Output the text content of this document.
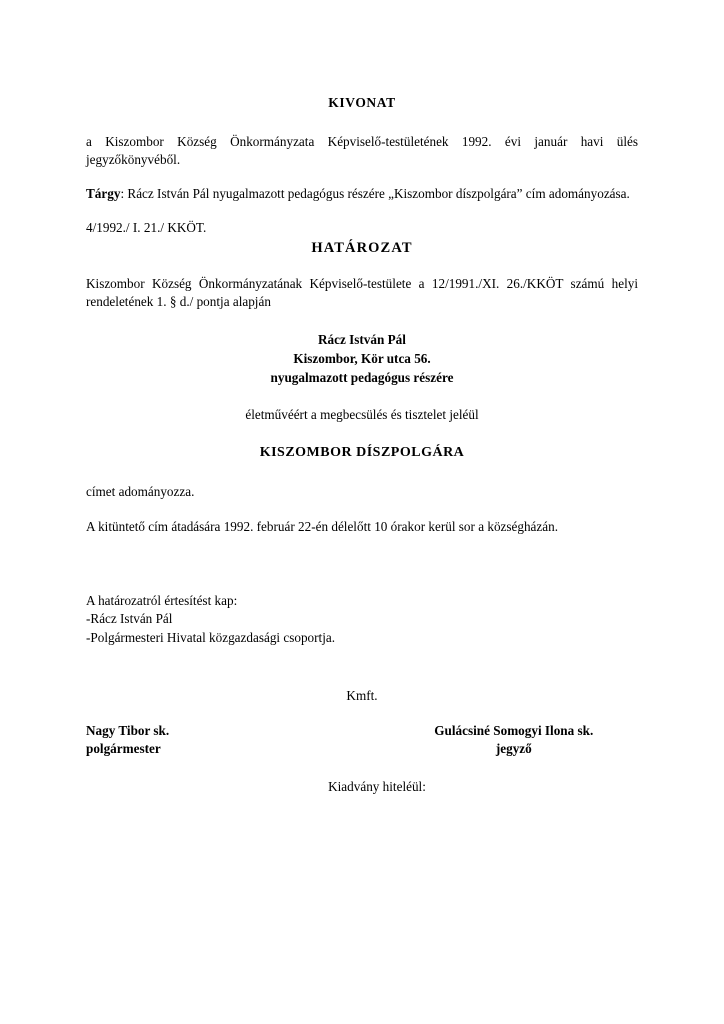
KIVONAT

a Kiszombor Község Önkormányzata Képviselő-testületének 1992. évi január havi ülés jegyzőkönyvéből.

Tárgy: Rácz István Pál nyugalmazott pedagógus részére „Kiszombor díszpolgára” cím adományozása.

4/1992./ I. 21./ KKÖT.

HATÁROZAT

Kiszombor Község Önkormányzatának Képviselő-testülete a 12/1991./XI. 26./KKÖT számú helyi rendeletének 1. § d./ pontja alapján

Rácz István Pál
Kiszombor, Kör utca 56.
nyugalmazott pedagógus részére
életművéért a megbecsülés és tisztelet jeléül
KISZOMBOR DÍSZPOLGÁRA

címet adományozza.

A kitüntető cím átadására 1992. február 22-én délelőtt 10 órakor kerül sor a községházán.

A határozatról értesítést kap:
-Rácz István Pál
-Polgármesteri Hivatal közgazdasági csoportja.
Kmft.
Nagy Tibor sk.
polgármester
Gulácsiné Somogyi Ilona sk.
jegyző
Kiadvány hiteléül:
